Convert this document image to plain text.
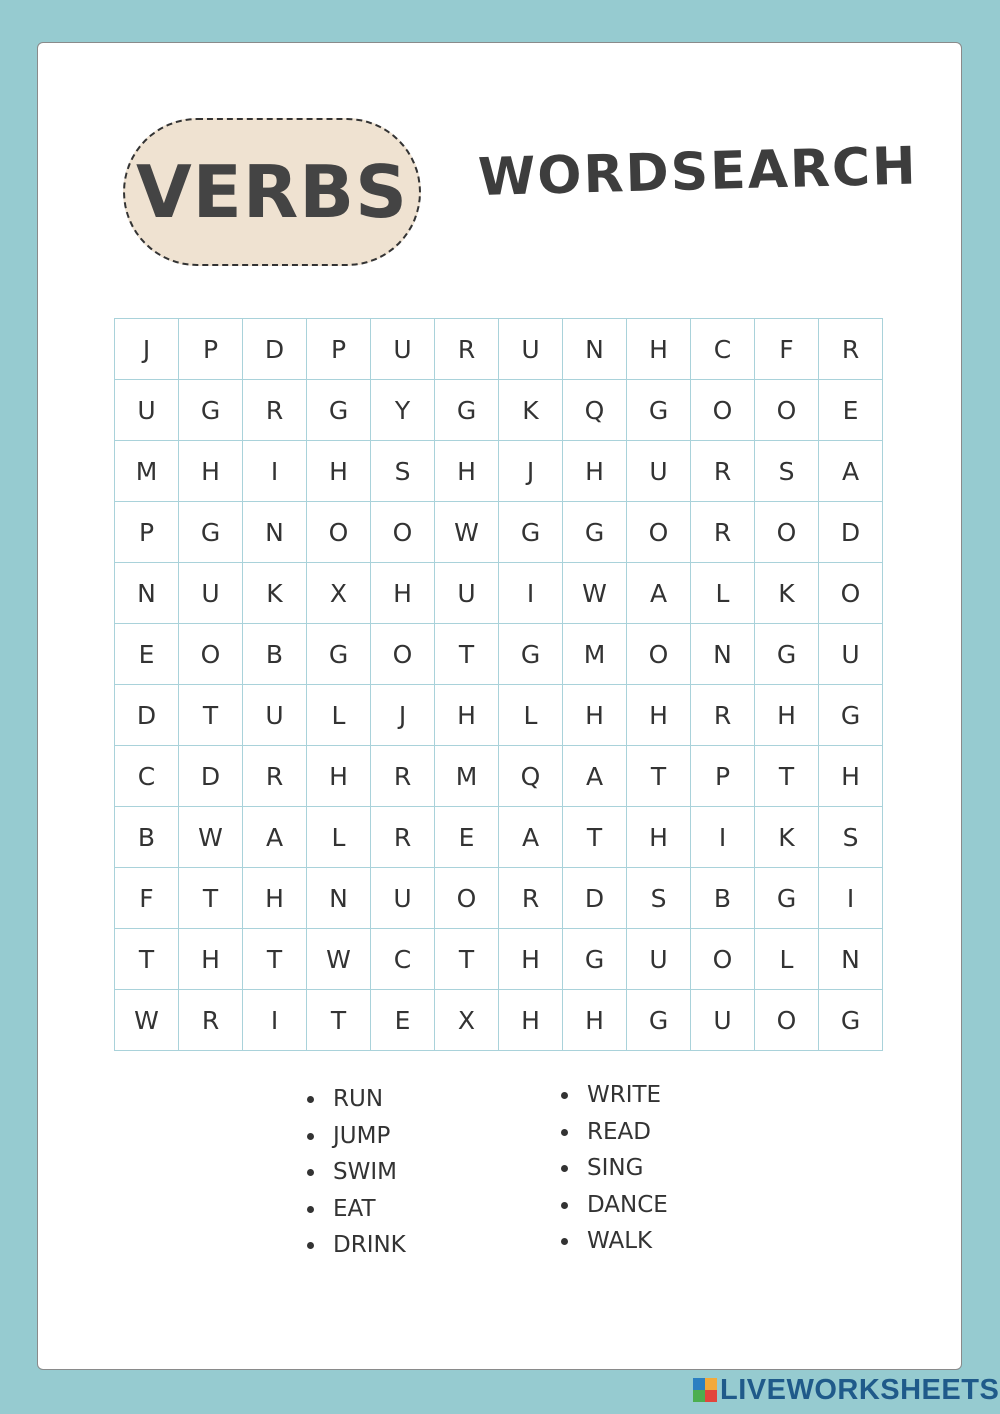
VERBS WORDSEARCH
J	P	D	P	U	R	U	N	H	C	F	R
U	G	R	G	Y	G	K	Q	G	O	O	E
M	H	I	H	S	H	J	H	U	R	S	A
P	G	N	O	O	W	G	G	O	R	O	D
N	U	K	X	H	U	I	W	A	L	K	O
E	O	B	G	O	T	G	M	O	N	G	U
D	T	U	L	J	H	L	H	H	R	H	G
C	D	R	H	R	M	Q	A	T	P	T	H
B	W	A	L	R	E	A	T	H	I	K	S
F	T	H	N	U	O	R	D	S	B	G	I
T	H	T	W	C	T	H	G	U	O	L	N
W	R	I	T	E	X	H	H	G	U	O	G
RUN
JUMP
SWIM
EAT
DRINK
WRITE
READ
SING
DANCE
WALK
LIVEWORKSHEETS
